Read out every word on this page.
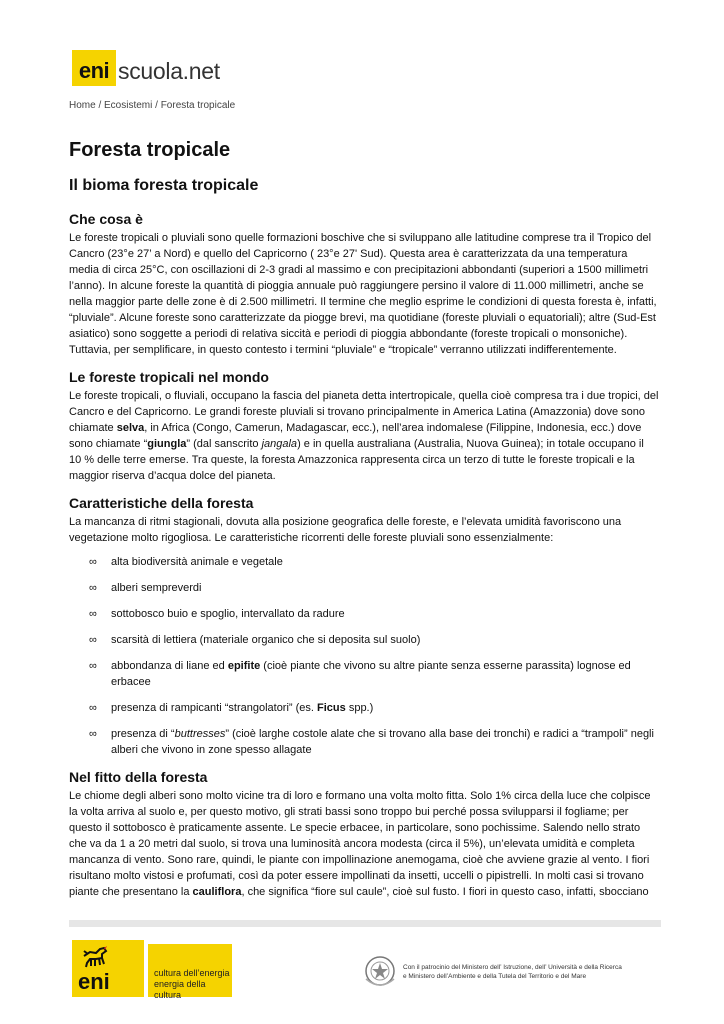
eni scuola.net
Home / Ecosistemi / Foresta tropicale
Foresta tropicale
Il bioma foresta tropicale
Che cosa è

Le foreste tropicali o pluviali sono quelle formazioni boschive che si sviluppano alle latitudine comprese tra il Tropico del Cancro (23°e 27’ a Nord) e quello del Capricorno ( 23°e 27' Sud). Questa area è caratterizzata da una temperatura media di circa 25°C, con oscillazioni di 2-3 gradi al massimo e con precipitazioni abbondanti (superiori a 1500 millimetri l’anno). In alcune foreste la quantità di pioggia annuale può raggiungere persino il valore di 11.000 millimetri, anche se nella maggior parte delle zone è di 2.500 millimetri. Il termine che meglio esprime le condizioni di questa foresta è, infatti, “pluviale”. Alcune foreste sono caratterizzate da piogge brevi, ma quotidiane (foreste pluviali o equatoriali); altre (Sud-Est asiatico) sono soggette a periodi di relativa siccità e periodi di pioggia abbondante (foreste tropicali o monsoniche). Tuttavia, per semplificare, in questo contesto i termini “pluviale” e “tropicale” verranno utilizzati indifferentemente.

Le foreste tropicali nel mondo

Le foreste tropicali, o fluviali, occupano la fascia del pianeta detta intertropicale, quella cioè compresa tra i due tropici, del Cancro e del Capricorno. Le grandi foreste pluviali si trovano principalmente in America Latina (Amazzonia) dove sono chiamate selva, in Africa (Congo, Camerun, Madagascar, ecc.), nell’area indomalese (Filippine, Indonesia, ecc.) dove sono chiamate “giungla” (dal sanscrito jangala) e in quella australiana (Australia, Nuova Guinea); in totale occupano il 10 % delle terre emerse. Tra queste, la foresta Amazzonica rappresenta circa un terzo di tutte le foreste tropicali e la maggior riserva d’acqua dolce del pianeta.

Caratteristiche della foresta

La mancanza di ritmi stagionali, dovuta alla posizione geografica delle foreste, e l’elevata umidità favoriscono una vegetazione molto rigogliosa. Le caratteristiche ricorrenti delle foreste pluviali sono essenzialmente:

∞ alta biodiversità animale e vegetale
∞ alberi sempreverdi
∞ sottobosco buio e spoglio, intervallato da radure
∞ scarsità di lettiera (materiale organico che si deposita sul suolo)
∞ abbondanza di liane ed epifite (cioè piante che vivono su altre piante senza esserne parassita) lognose ed erbacee
∞ presenza di rampicanti “strangolatori” (es. Ficus spp.)
∞ presenza di “buttresses” (cioè larghe costole alate che si trovano alla base dei tronchi) e radici a “trampoli” negli alberi che vivono in zone spesso allagate
Nel fitto della foresta

Le chiome degli alberi sono molto vicine tra di loro e formano una volta molto fitta. Solo 1% circa della luce che colpisce la volta arriva al suolo e, per questo motivo, gli strati bassi sono troppo bui perché possa svilupparsi il fogliame; per questo il sottobosco è praticamente assente. Le specie erbacee, in particolare, sono pochissime. Salendo nello strato che va da 1 a 20 metri dal suolo, si trova una luminosità ancora modesta (circa il 5%), un’elevata umidità e completa mancanza di vento. Sono rare, quindi, le piante con impollinazione anemogama, cioè che avviene grazie al vento. I fiori risultano molto vistosi e profumati, così da poter essere impollinati da insetti, uccelli o pipistrelli. In molti casi si trovano piante che presentano la cauliflora, che significa “fiore sul caule”, cioè sul fusto. I fiori in questo caso, infatti, sbocciano

eni	cultura dell’energia
energia della cultura
Con il patrocinio del Ministero dell’ Istruzione, dell’ Università e della Ricerca
e Ministero dell’Ambiente e della Tutela del Territorio e del Mare
